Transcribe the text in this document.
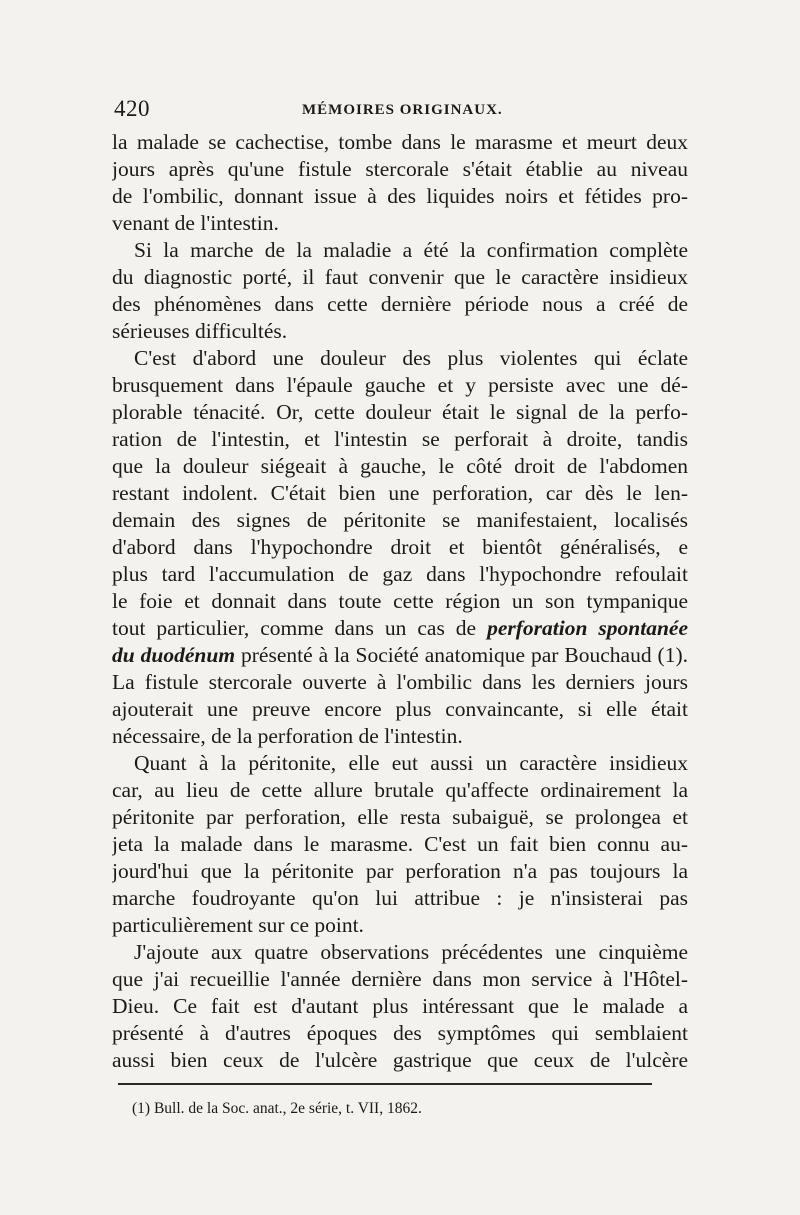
420	MÉMOIRES ORIGINAUX.
la malade se cachectise, tombe dans le marasme et meurt deux
jours après qu'une fistule stercorale s'était établie au niveau
de l'ombilic, donnant issue à des liquides noirs et fétides pro-
venant de l'intestin.
Si la marche de la maladie a été la confirmation complète
du diagnostic porté, il faut convenir que le caractère insidieux
des phénomènes dans cette dernière période nous a créé de
sérieuses difficultés.
C'est d'abord une douleur des plus violentes qui éclate
brusquement dans l'épaule gauche et y persiste avec une dé-
plorable ténacité. Or, cette douleur était le signal de la perfo-
ration de l'intestin, et l'intestin se perforait à droite, tandis
que la douleur siégeait à gauche, le côté droit de l'abdomen
restant indolent. C'était bien une perforation, car dès le len-
demain des signes de péritonite se manifestaient, localisés
d'abord dans l'hypochondre droit et bientôt généralisés, e
plus tard l'accumulation de gaz dans l'hypochondre refoulait
le foie et donnait dans toute cette région un son tympanique
tout particulier, comme dans un cas de perforation spontanée
du duodénum présenté à la Société anatomique par Bouchaud (1).
La fistule stercorale ouverte à l'ombilic dans les derniers jours
ajouterait une preuve encore plus convaincante, si elle était
nécessaire, de la perforation de l'intestin.
Quant à la péritonite, elle eut aussi un caractère insidieux
car, au lieu de cette allure brutale qu'affecte ordinairement la
péritonite par perforation, elle resta subaiguë, se prolongea et
jeta la malade dans le marasme. C'est un fait bien connu au-
jourd'hui que la péritonite par perforation n'a pas toujours la
marche foudroyante qu'on lui attribue : je n'insisterai pas
particulièrement sur ce point.
J'ajoute aux quatre observations précédentes une cinquième
que j'ai recueillie l'année dernière dans mon service à l'Hôtel-
Dieu. Ce fait est d'autant plus intéressant que le malade a
présenté à d'autres époques des symptômes qui semblaient
aussi bien ceux de l'ulcère gastrique que ceux de l'ulcère
(1) Bull. de la Soc. anat., 2e série, t. VII, 1862.
